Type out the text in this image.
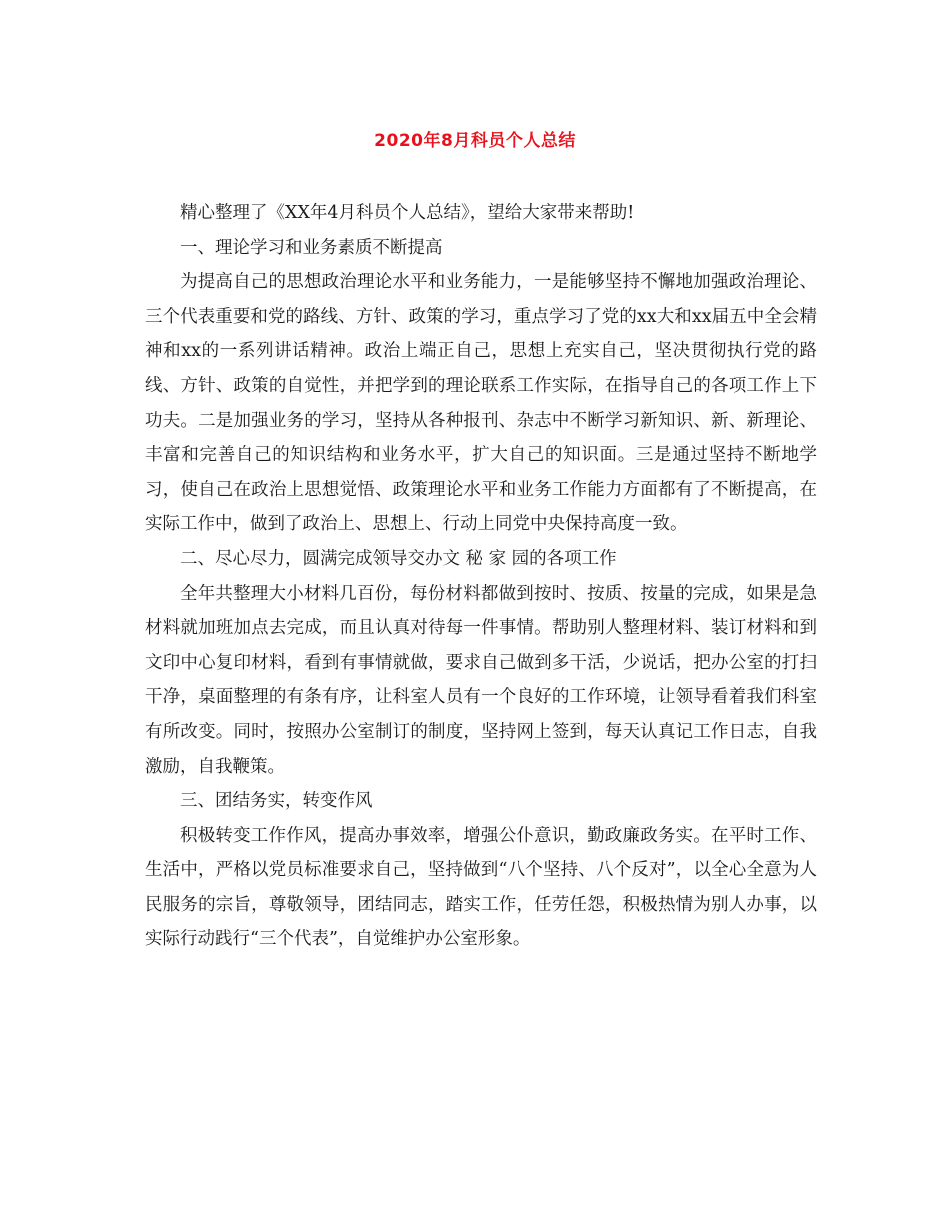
2020年8月科员个人总结

精心整理了《XX年4月科员个人总结》，望给大家带来帮助!

一、理论学习和业务素质不断提高

为提高自己的思想政治理论水平和业务能力，一是能够坚持不懈地加强政治理论、三个代表重要和党的路线、方针、政策的学习，重点学习了党的xx大和xx届五中全会精神和xx的一系列讲话精神。政治上端正自己，思想上充实自己，坚决贯彻执行党的路线、方针、政策的自觉性，并把学到的理论联系工作实际，在指导自己的各项工作上下功夫。二是加强业务的学习，坚持从各种报刊、杂志中不断学习新知识、新、新理论、丰富和完善自己的知识结构和业务水平，扩大自己的知识面。三是通过坚持不断地学习，使自己在政治上思想觉悟、政策理论水平和业务工作能力方面都有了不断提高，在实际工作中，做到了政治上、思想上、行动上同党中央保持高度一致。

二、尽心尽力，圆满完成领导交办文 秘 家 园的各项工作

全年共整理大小材料几百份，每份材料都做到按时、按质、按量的完成，如果是急材料就加班加点去完成，而且认真对待每一件事情。帮助别人整理材料、装订材料和到文印中心复印材料，看到有事情就做，要求自己做到多干活，少说话，把办公室的打扫干净，桌面整理的有条有序，让科室人员有一个良好的工作环境，让领导看着我们科室有所改变。同时，按照办公室制订的制度，坚持网上签到，每天认真记工作日志，自我激励，自我鞭策。

三、团结务实，转变作风

积极转变工作作风，提高办事效率，增强公仆意识，勤政廉政务实。在平时工作、生活中，严格以党员标准要求自己，坚持做到“八个坚持、八个反对”，以全心全意为人民服务的宗旨，尊敬领导，团结同志，踏实工作，任劳任怨，积极热情为别人办事，以实际行动践行“三个代表”，自觉维护办公室形象。
